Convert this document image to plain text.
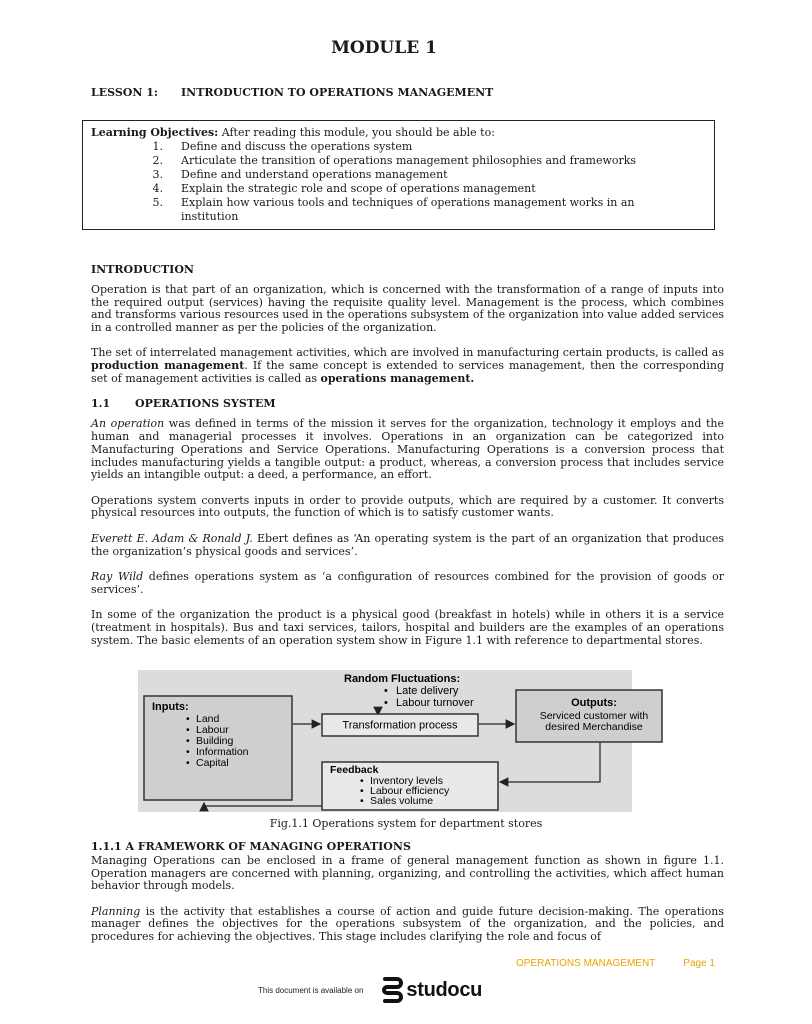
MODULE 1
LESSON 1: INTRODUCTION TO OPERATIONS MANAGEMENT
Learning Objectives: After reading this module, you should be able to:
1.	Define and discuss the operations system
2.	Articulate the transition of operations management philosophies and frameworks
3.	Define and understand operations management
4.	Explain the strategic role and scope of operations management
5.	Explain how various tools and techniques of operations management works in an
institution
INTRODUCTION

Operation is that part of an organization, which is concerned with the transformation of a range of inputs into the required output (services) having the requisite quality level. Management is the process, which combines and transforms various resources used in the operations subsystem of the organization into value added services in a controlled manner as per the policies of the organization.

The set of interrelated management activities, which are involved in manufacturing certain products, is called as production management. If the same concept is extended to services management, then the corresponding set of management activities is called as operations management.

1.1 OPERATIONS SYSTEM

An operation was defined in terms of the mission it serves for the organization, technology it employs and the human and managerial processes it involves. Operations in an organization can be categorized into Manufacturing Operations and Service Operations. Manufacturing Operations is a conversion process that includes manufacturing yields a tangible output: a product, whereas, a conversion process that includes service yields an intangible output: a deed, a performance, an effort.

Operations system converts inputs in order to provide outputs, which are required by a customer. It converts physical resources into outputs, the function of which is to satisfy customer wants.

Everett E. Adam & Ronald J. Ebert defines as ‘An operating system is the part of an organization that produces the organization’s physical goods and services’.

Ray Wild defines operations system as ‘a configuration of resources combined for the provision of goods or services’.

In some of the organization the product is a physical good (breakfast in hotels) while in others it is a service (treatment in hospitals). Bus and taxi services, tailors, hospital and builders are the examples of an operations system. The basic elements of an operation system show in Figure 1.1 with reference to departmental stores.

Random Fluctuations:
• Late delivery
• Labour turnover
Inputs:
• Land
• Labour
• Building
• Information
• Capital
Transformation process
Outputs:
Serviced customer with
desired Merchandise
Feedback
• Inventory levels
• Labour efficiency
• Sales volume
Fig.1.1 Operations system for department stores
1.1.1 A FRAMEWORK OF MANAGING OPERATIONS

Managing Operations can be enclosed in a frame of general management function as shown in figure 1.1. Operation managers are concerned with planning, organizing, and controlling the activities, which affect human behavior through models.

Planning is the activity that establishes a course of action and guide future decision-making. The operations manager defines the objectives for the operations subsystem of the organization, and the policies, and procedures for achieving the objectives. This stage includes clarifying the role and focus of

OPERATIONS MANAGEMENT	Page 1
This document is available on studocu
